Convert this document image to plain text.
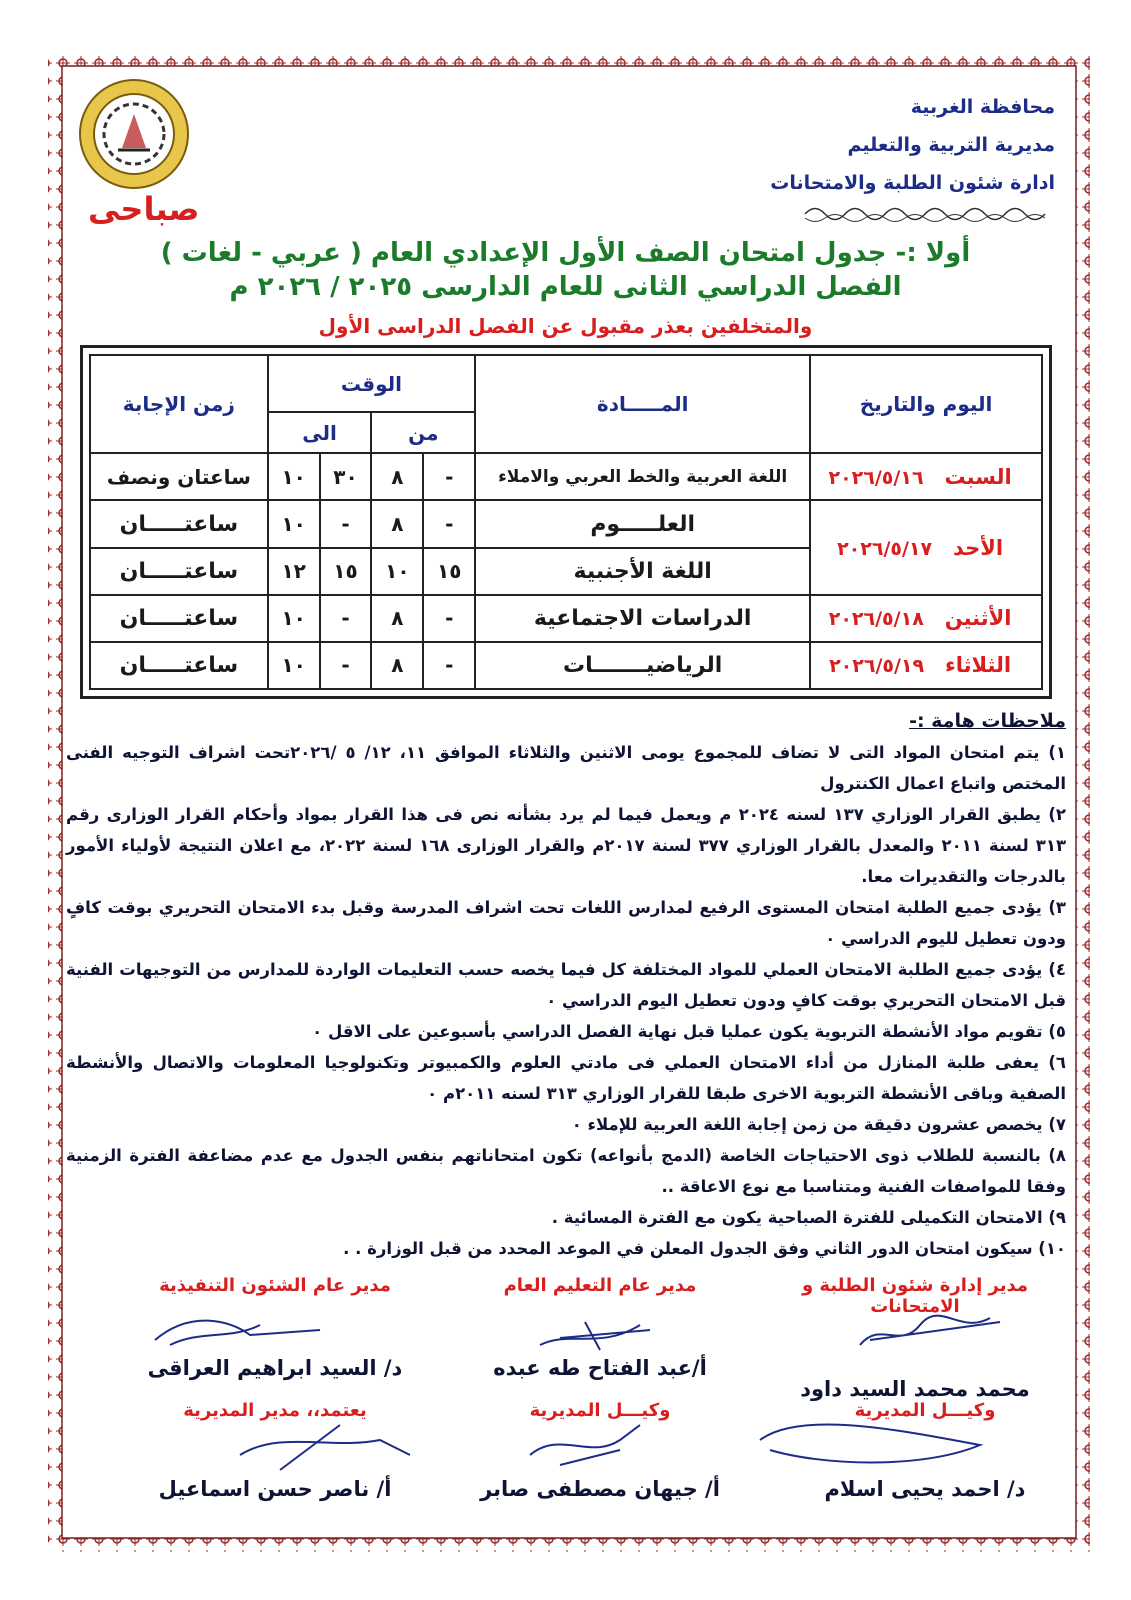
صباحى
محافظة الغربية
مديرية التربية والتعليم
ادارة شئون الطلبة والامتحانات
أولا :- جدول امتحان الصف الأول الإعدادي العام ( عربي - لغات )
الفصل الدراسي الثانى للعام الدارسى ٢٠٢٥ / ٢٠٢٦ م
والمتخلفين بعذر مقبول عن الفصل الدراسى الأول
اليوم والتاريخ	المـــــادة	الوقت				زمن الإجابة
		من		الى		
السبت   ٢٠٢٦/٥/١٦	اللغة العربية والخط العربي والاملاء	-	٨	٣٠	١٠	ساعتان ونصف
الأحد   ٢٠٢٦/٥/١٧	العلـــــوم	-	٨	-	١٠	ساعتـــــان
	اللغة الأجنبية	١٥	١٠	١٥	١٢	ساعتـــــان
الأثنين   ٢٠٢٦/٥/١٨	الدراسات الاجتماعية	-	٨	-	١٠	ساعتـــــان
الثلاثاء   ٢٠٢٦/٥/١٩	الرياضيـــــــات	-	٨	-	١٠	ساعتـــــان

ملاحظات هامة :-

١) يتم امتحان المواد التى لا تضاف للمجموع يومى الاثنين والثلاثاء الموافق ١١، ١٢/ ٥ /٢٠٢٦تحت اشراف التوجيه الفنى المختص واتباع اعمال الكنترول

٢) يطبق القرار الوزاري ١٣٧ لسنه ٢٠٢٤ م ويعمل فيما لم يرد بشأنه نص فى هذا القرار بمواد وأحكام القرار الوزارى رقم ٣١٣ لسنة ٢٠١١ والمعدل بالقرار الوزاري ٣٧٧ لسنة ٢٠١٧م والقرار الوزارى ١٦٨ لسنة ٢٠٢٢، مع اعلان النتيجة لأولياء الأمور بالدرجات والتقديرات معا.

٣) يؤدى جميع الطلبة امتحان المستوى الرفيع لمدارس اللغات تحت اشراف المدرسة وقبل بدء الامتحان التحريري بوقت كافٍ ودون تعطيل لليوم الدراسي ٠

٤) يؤدى جميع الطلبة الامتحان العملي للمواد المختلفة كل فيما يخصه حسب التعليمات الواردة للمدارس من التوجيهات الفنية قبل الامتحان التحريري بوقت كافٍ ودون تعطيل اليوم الدراسي ٠

٥) تقويم مواد الأنشطة التربوية يكون عمليا قبل نهاية الفصل الدراسي بأسبوعين على الاقل ٠

٦) يعفى طلبة المنازل من أداء الامتحان العملي فى مادتي العلوم والكمبيوتر وتكنولوجيا المعلومات والاتصال والأنشطة الصفية وباقى الأنشطة التربوية الاخرى طبقا للقرار الوزاري ٣١٣ لسنه ٢٠١١م ٠

٧) يخصص عشرون دقيقة من زمن إجابة اللغة العربية للإملاء ٠

٨) بالنسبة للطلاب ذوى الاحتياجات الخاصة (الدمج بأنواعه) تكون امتحاناتهم بنفس الجدول مع عدم مضاعفة الفترة الزمنية وفقا للمواصفات الفنية ومتناسبا مع نوع الاعاقة ..

٩) الامتحان التكميلى للفترة الصباحية يكون مع الفترة المسائية .

١٠) سيكون امتحان الدور الثاني وفق الجدول المعلن في الموعد المحدد من قبل الوزارة . .

مدير إدارة شئون الطلبة و الامتحانات
محمد محمد السيد داود
مدير عام التعليم العام
أ/عبد الفتاح طه عبده
مدير عام الشئون التنفيذية
د/ السيد ابراهيم العراقى
وكيـــل المديرية
د/ احمد يحيى اسلام
وكيـــل المديرية
أ/ جيهان مصطفى صابر
يعتمد،، مدير المديرية
أ/ ناصر حسن اسماعيل
